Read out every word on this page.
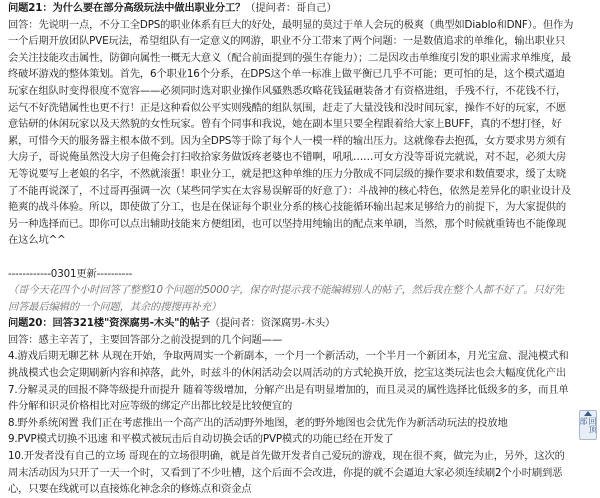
问题21：为什么要在部分高级玩法中做出职业分工？（提问者：哥自己）

回答：先说明一点，不分工全DPS的职业体系有巨大的好处，最明显的莫过于单人会玩的极爽（典型如Diablo和DNF）。但作为一个后期开放团队PVE玩法，希望组队有一定意义的网游，职业不分工带来了两个问题：一是数值追求的单维化，输出职业只会关注技能攻击属性，防御向属性一概无大意义（配合前面提到的强生存能力）；二是因攻击单维度引发的职业需求单维度，最终破坏游戏的整体策划。首先，6个职业16个分系，在DPS这个单一标准上做平衡已几乎不可能；更可怕的是，这个模式逼迫玩家在组队时变得很度不宽容——必须同时选对职业操作风骚熟悉攻略花钱猛砸装备才有资格进组，手残不行，不花钱不行，运气不好洗错属性也更不行！正是这种看似公平实则残酷的组队氛围，赶走了大量没钱和没时间玩家，操作不好的玩家，不愿意钻研的休闲玩家以及天然貌的女性玩家。曾有个同事和我说，她在副本里只要全程跟着给大家上BUFF，真的不想打怪，好累，可惜今天的服务器主根本做不到。因为全DPS等于除了每个人一模一样的输出压力。这就像春去抱孤，女方要求男方须有大房子，哥说俺虽然没大房子但俺会打扫收拾家务做饭疼老婆也不错啊，吼吼……可女方没等哥说完就说，对不起，必须大房无等说要写上老娘的名字，不然就滚蛋！职业分工，就是把这种单维的压力分散成不同层级的操作要求和数值要求，缓了太晓了不能再说深了，不过哥再强调一次（某些同学实在太容易误解哥的好意了）：斗战神的核心特色，依然是差异化的职业设计及艳爽的战斗体验。所以，即使做了分工，也是在保证每个职业分系的核心技能循环输出起来足够给力的前提下，为大家提供的另一种选择而已。即你可以点出辅助技能来方便组团，也可以坚持用纯输出的配点来单刷，当然，那个时候就重铸也不能像现在这么坑^^

------------0301更新----------

（哥今天花四个小时回答了整整10个问题的5000字，保存时提示我不能编辑别人的帖子，然后我在整个人都不好了。只好先回答最后编辑的一个问题，其余的搜搜再补充）

问题20：回答321楼"资深腐男-木头"的帖子（提问者：资深腐男-木头）

回答：感主辛苦了，主要回答部分之前没提到的几个问题——

4.游戏后期无聊艺林 从现在开始，争取两周实一个新副本，一个月一个新活动，一个半月一个新团本，月光宝盒、混沌模式和挑战模式也会定期刷新内容和掉落，此外，时兹斗的休闲活动会以周活动的方式轮换开放，挖宝这类玩法也会大幅度优化产出

7.分解灵灵的回报不降等级提升而提升 随着等级增加，分解产出是有明显增加的，而且灵灵的属性选择比低级多的多，而且单件分解和识灵价格相比对应等级的绑定产出都比较是比较便宜的

8.野外系统闲置 我们正在考虑推出一个高产出的活动野外地图，老的野外地图也会优先作为新活动玩法的投放地

9.PVP模式切换不迅速 和平模式被玩击后自动切换会话的PVP模式的功能已经在开发了

10.开发者没有自己的立场 哥现在的立场很明确，就是首先做开发者自己爱玩的游戏，现在很不爽，做完为止，另外，这次的周末活动因为只开了一天一个时，又看到了不少吐槽，这个后面不会改进，你提的就不会逼迫大家必须连续刷2个小时刷到恶心，只要在线就可以直接炼化神念余的修炼点和资金点

回顶部
